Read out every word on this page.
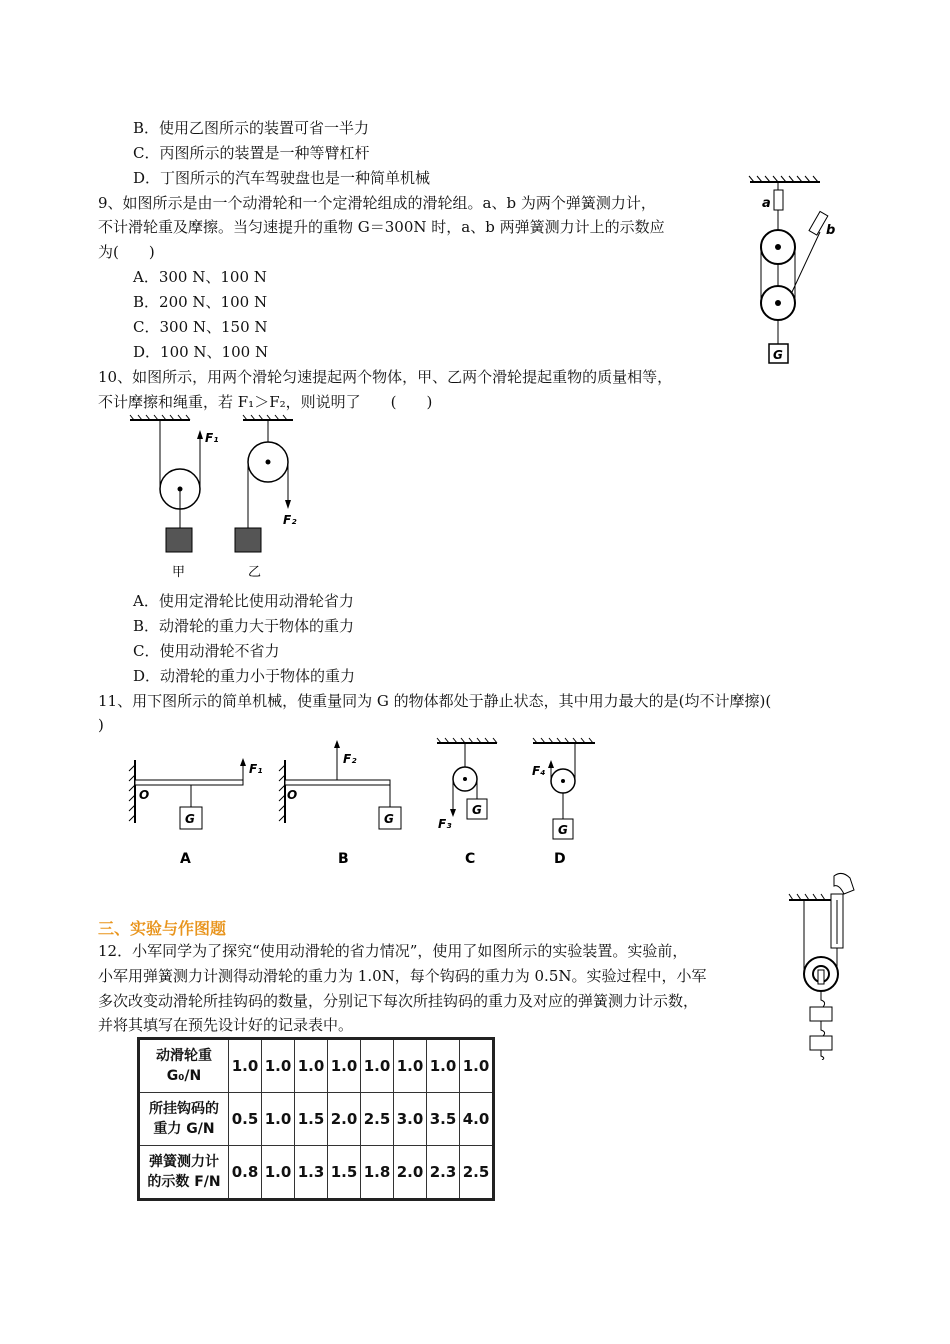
B．使用乙图所示的装置可省一半力
C．丙图所示的装置是一种等臂杠杆
D．丁图所示的汽车驾驶盘也是一种简单机械
9、如图所示是由一个动滑轮和一个定滑轮组成的滑轮组。a、b 为两个弹簧测力计，
不计滑轮重及摩擦。当匀速提升的重物 G＝300N 时，a、b 两弹簧测力计上的示数应
为(　　)
A．300 N、100 N
B．200 N、100 N
C．300 N、150 N
D．100 N、100 N
a
b
G
10、如图所示，用两个滑轮匀速提起两个物体，甲、乙两个滑轮提起重物的质量相等，
不计摩擦和绳重，若 F₁＞F₂，则说明了　　(　　)
F₁
甲
F₂
乙
A．使用定滑轮比使用动滑轮省力
B．动滑轮的重力大于物体的重力
C．使用动滑轮不省力
D．动滑轮的重力小于物体的重力
11、用下图所示的简单机械，使重量同为 G 的物体都处于静止状态，其中用力最大的是(均不计摩擦)(
)
O
G
F₁
A
O
F₂
G
B
F₃
G
C
F₄
G
D
三、实验与作图题
12．小军同学为了探究“使用动滑轮的省力情况”，使用了如图所示的实验装置。实验前，
小军用弹簧测力计测得动滑轮的重力为 1.0N，每个钩码的重力为 0.5N。实验过程中，小军
多次改变动滑轮所挂钩码的数量，分别记下每次所挂钩码的重力及对应的弹簧测力计示数，
并将其填写在预先设计好的记录表中。
动滑轮重
G₀/N	1.0	1.0	1.0	1.0	1.0	1.0	1.0	1.0
所挂钩码的
重力 G/N	0.5	1.0	1.5	2.0	2.5	3.0	3.5	4.0
弹簧测力计
的示数 F/N	0.8	1.0	1.3	1.5	1.8	2.0	2.3	2.5
